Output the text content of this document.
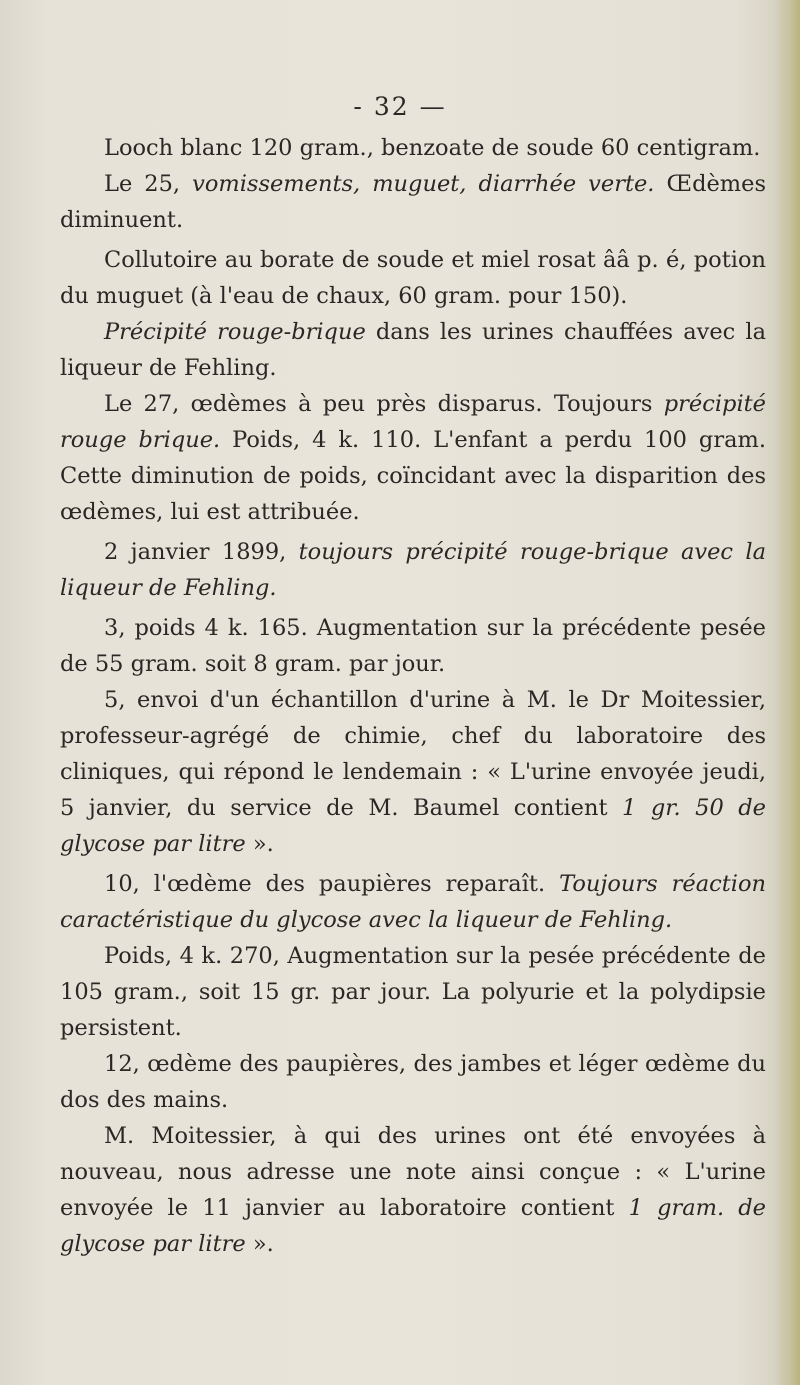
- 32 —

Looch blanc 120 gram., benzoate de soude 60 centigram.

Le 25, vomissements, muguet, diarrhée verte. Œdèmes diminuent.

Collutoire au borate de soude et miel rosat ââ p. é, potion du muguet (à l'eau de chaux, 60 gram. pour 150).

Précipité rouge-brique dans les urines chauffées avec la liqueur de Fehling.

Le 27, œdèmes à peu près disparus. Toujours précipité rouge brique. Poids, 4 k. 110. L'enfant a perdu 100 gram. Cette diminution de poids, coïncidant avec la disparition des œdèmes, lui est attribuée.

2 janvier 1899, toujours précipité rouge-brique avec la liqueur de Fehling.

3, poids 4 k. 165. Augmentation sur la précédente pesée de 55 gram. soit 8 gram. par jour.

5, envoi d'un échantillon d'urine à M. le Dr Moitessier, professeur-agrégé de chimie, chef du laboratoire des cliniques, qui répond le lendemain : « L'urine envoyée jeudi, 5 janvier, du service de M. Baumel contient 1 gr. 50 de glycose par litre ».

10, l'œdème des paupières reparaît. Toujours réaction caractéristique du glycose avec la liqueur de Fehling.

Poids, 4 k. 270, Augmentation sur la pesée précédente de 105 gram., soit 15 gr. par jour. La polyurie et la polydipsie persistent.

12, œdème des paupières, des jambes et léger œdème du dos des mains.

M. Moitessier, à qui des urines ont été envoyées à nouveau, nous adresse une note ainsi conçue : « L'urine envoyée le 11 janvier au laboratoire contient 1 gram. de glycose par litre ».
